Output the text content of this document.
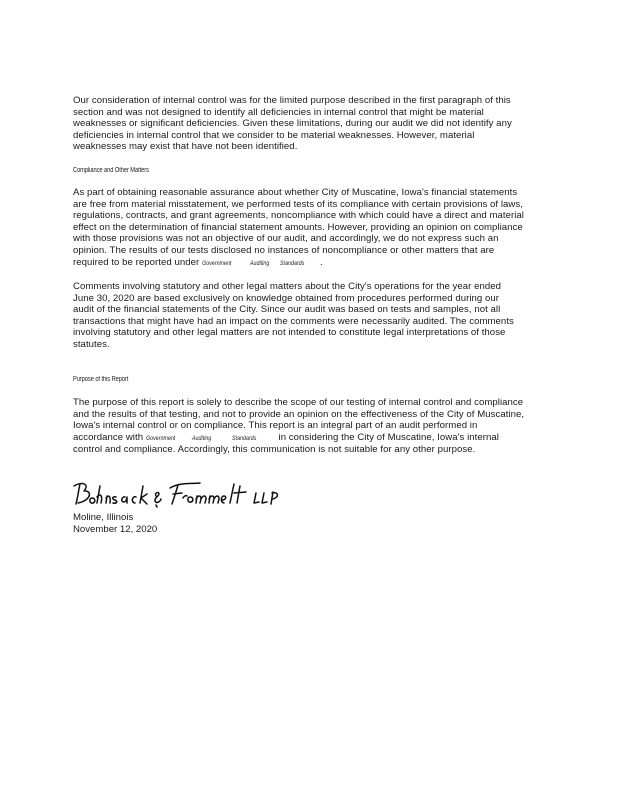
Our consideration of internal control was for the limited purpose described in the first paragraph of this
section and was not designed to identify all deficiencies in internal control that might be material
weaknesses or significant deficiencies. Given these limitations, during our audit we did not identify any
deficiencies in internal control that we consider to be material weaknesses. However, material
weaknesses may exist that have not been identified.
Compliance and Other Matters
As part of obtaining reasonable assurance about whether City of Muscatine, Iowa's financial statements
are free from material misstatement, we performed tests of its compliance with certain provisions of laws,
regulations, contracts, and grant agreements, noncompliance with which could have a direct and material
effect on the determination of financial statement amounts. However, providing an opinion on compliance
with those provisions was not an objective of our audit, and accordingly, we do not express such an
opinion. The results of our tests disclosed no instances of noncompliance or other matters that are
required to be reported under Government	Auditing Standards .
Comments involving statutory and other legal matters about the City's operations for the year ended
June 30, 2020 are based exclusively on knowledge obtained from procedures performed during our
audit of the financial statements of the City. Since our audit was based on tests and samples, not all
transactions that might have had an impact on the comments were necessarily audited. The comments
involving statutory and other legal matters are not intended to constitute legal interpretations of those
statutes.
Purpose of this Report
The purpose of this report is solely to describe the scope of our testing of internal control and compliance
and the results of that testing, and not to provide an opinion on the effectiveness of the City of Muscatine,
Iowa's internal control or on compliance. This report is an integral part of an audit performed in
accordance with Government	Auditing	Standards in considering the City of Muscatine, Iowa's internal
control and compliance. Accordingly, this communication is not suitable for any other purpose.
Moline, Illinois
November 12, 2020
